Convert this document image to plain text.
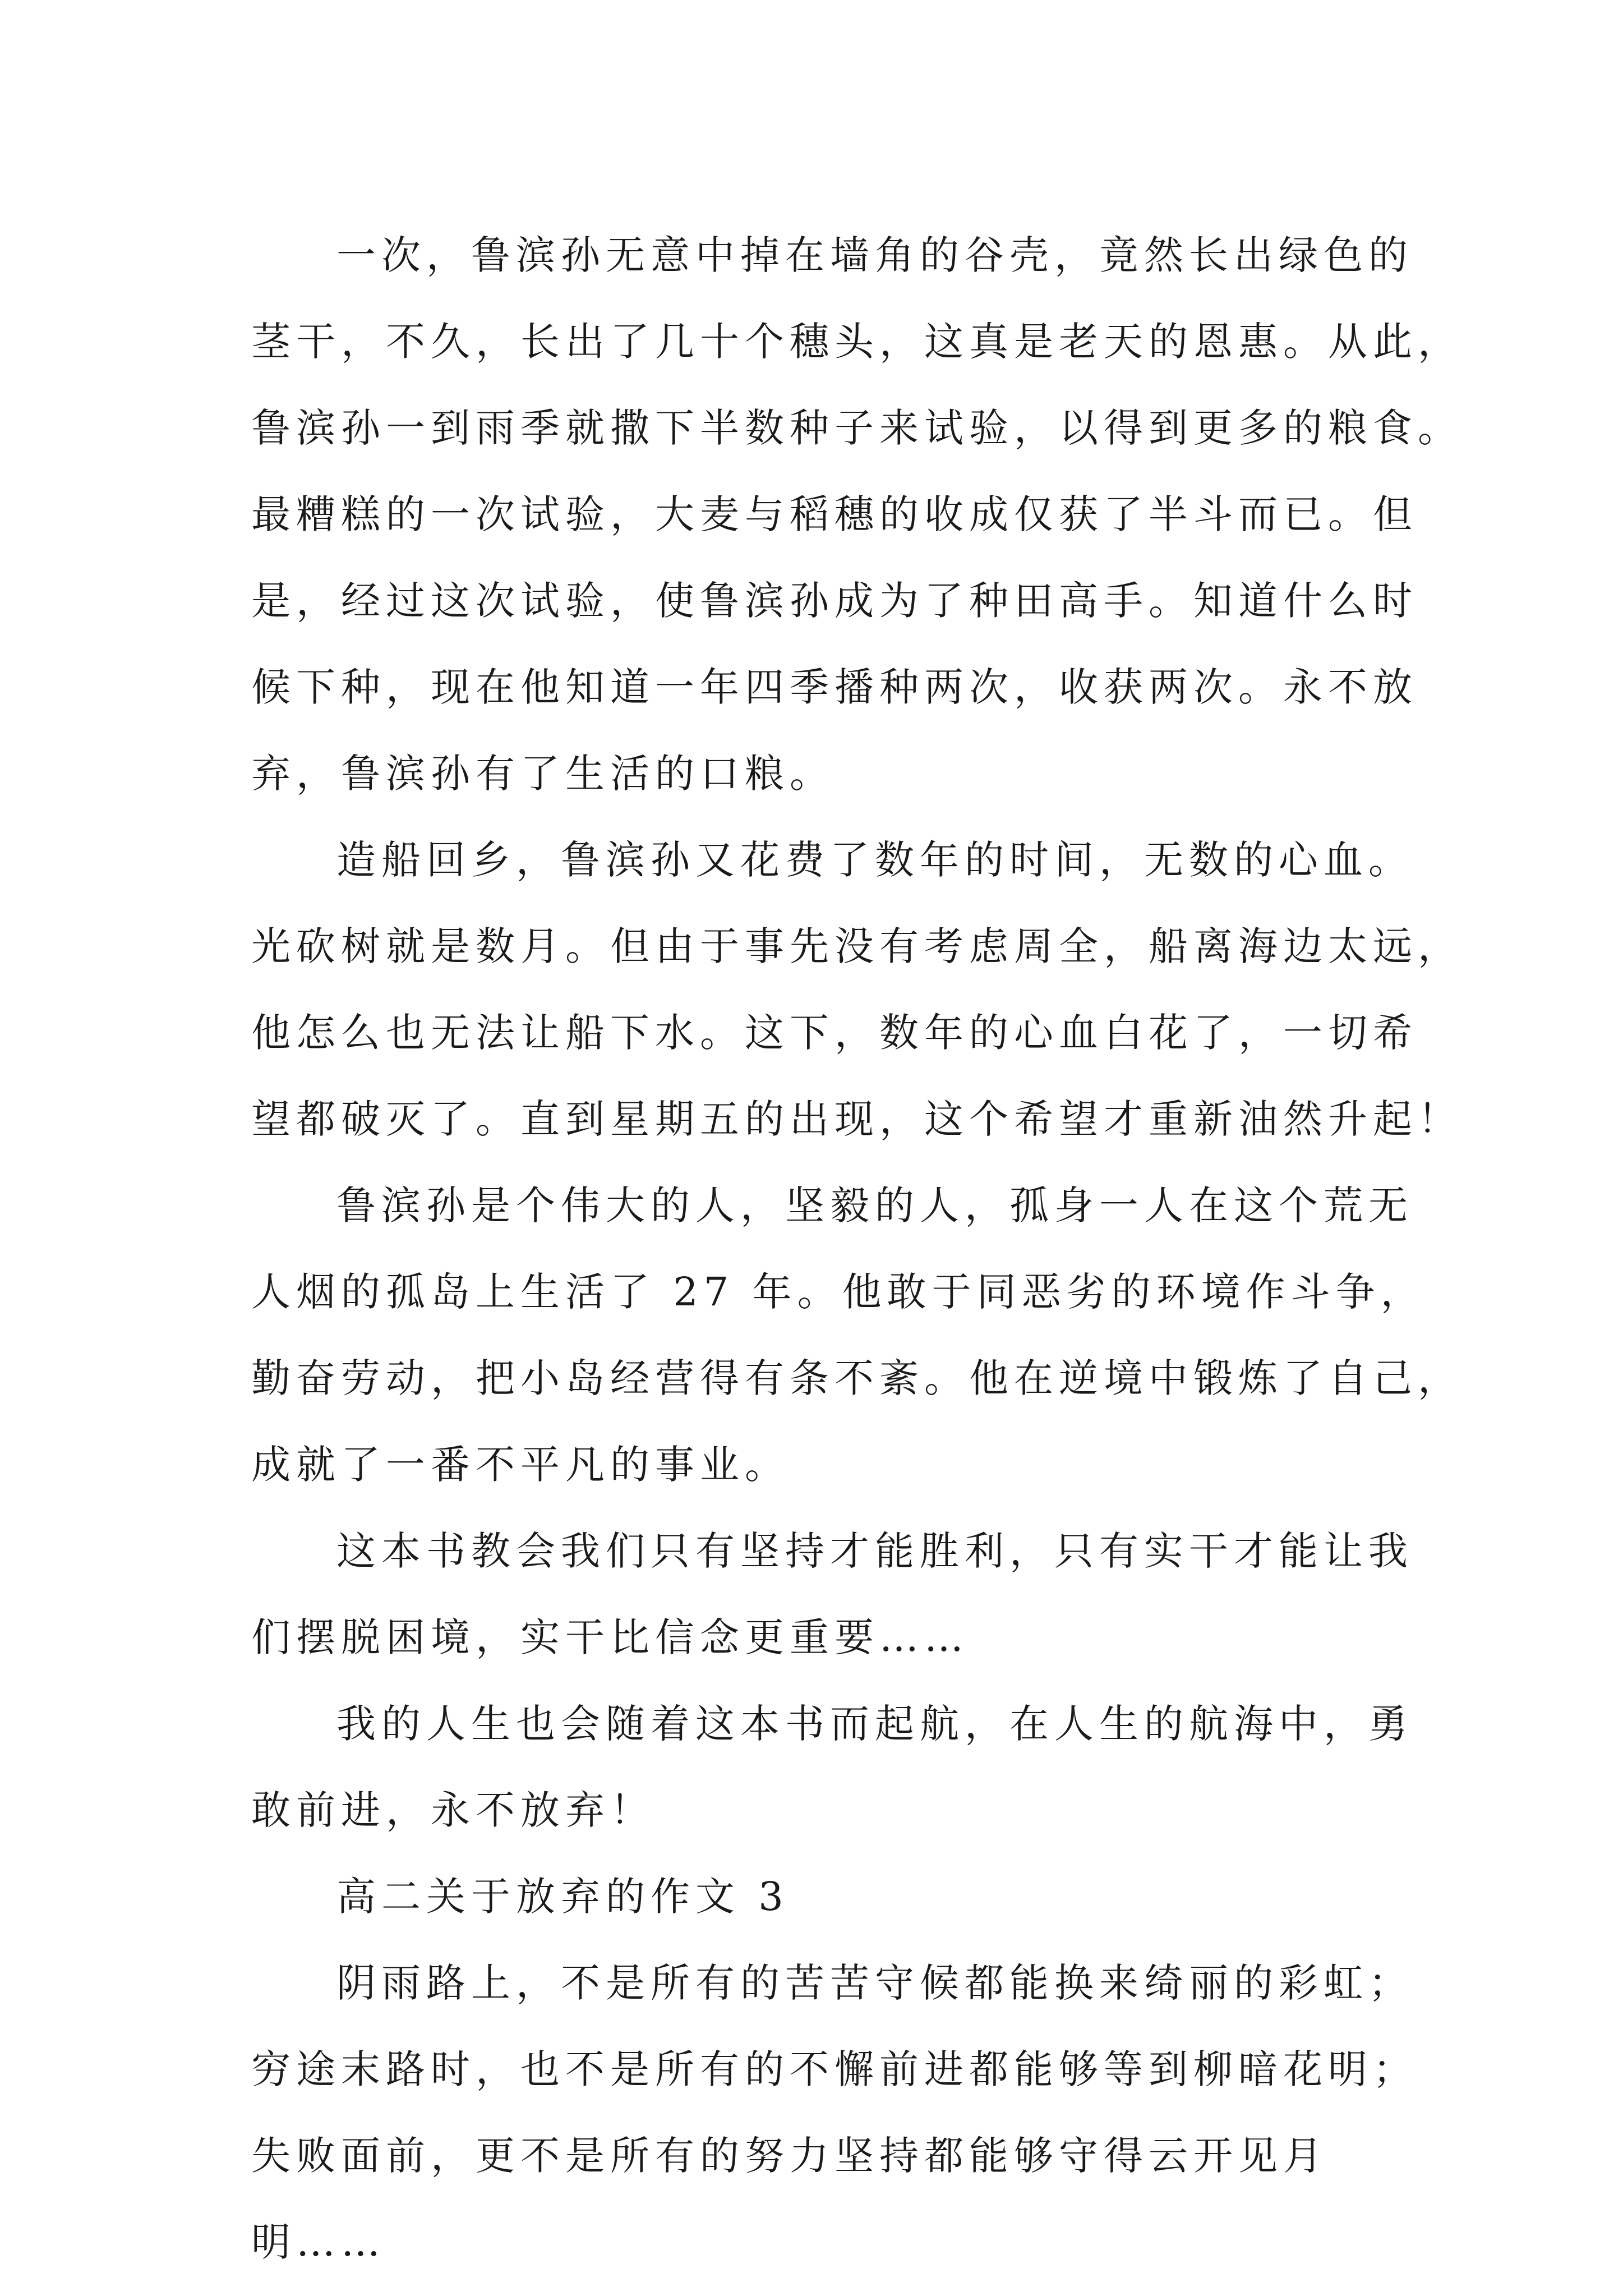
一次，鲁滨孙无意中掉在墙角的谷壳，竟然长出绿色的
茎干，不久，长出了几十个穗头，这真是老天的恩惠。从此，
鲁滨孙一到雨季就撒下半数种子来试验，以得到更多的粮食。
最糟糕的一次试验，大麦与稻穗的收成仅获了半斗而已。但
是，经过这次试验，使鲁滨孙成为了种田高手。知道什么时
候下种，现在他知道一年四季播种两次，收获两次。永不放
弃，鲁滨孙有了生活的口粮。

造船回乡，鲁滨孙又花费了数年的时间，无数的心血。
光砍树就是数月。但由于事先没有考虑周全，船离海边太远，
他怎么也无法让船下水。这下，数年的心血白花了，一切希
望都破灭了。直到星期五的出现，这个希望才重新油然升起！

鲁滨孙是个伟大的人，坚毅的人，孤身一人在这个荒无
人烟的孤岛上生活了 27 年。他敢于同恶劣的环境作斗争，
勤奋劳动，把小岛经营得有条不紊。他在逆境中锻炼了自己，
成就了一番不平凡的事业。

这本书教会我们只有坚持才能胜利，只有实干才能让我
们摆脱困境，实干比信念更重要……

我的人生也会随着这本书而起航，在人生的航海中，勇
敢前进，永不放弃！

高二关于放弃的作文 3

阴雨路上，不是所有的苦苦守候都能换来绮丽的彩虹；
穷途末路时，也不是所有的不懈前进都能够等到柳暗花明；
失败面前，更不是所有的努力坚持都能够守得云开见月
明……
